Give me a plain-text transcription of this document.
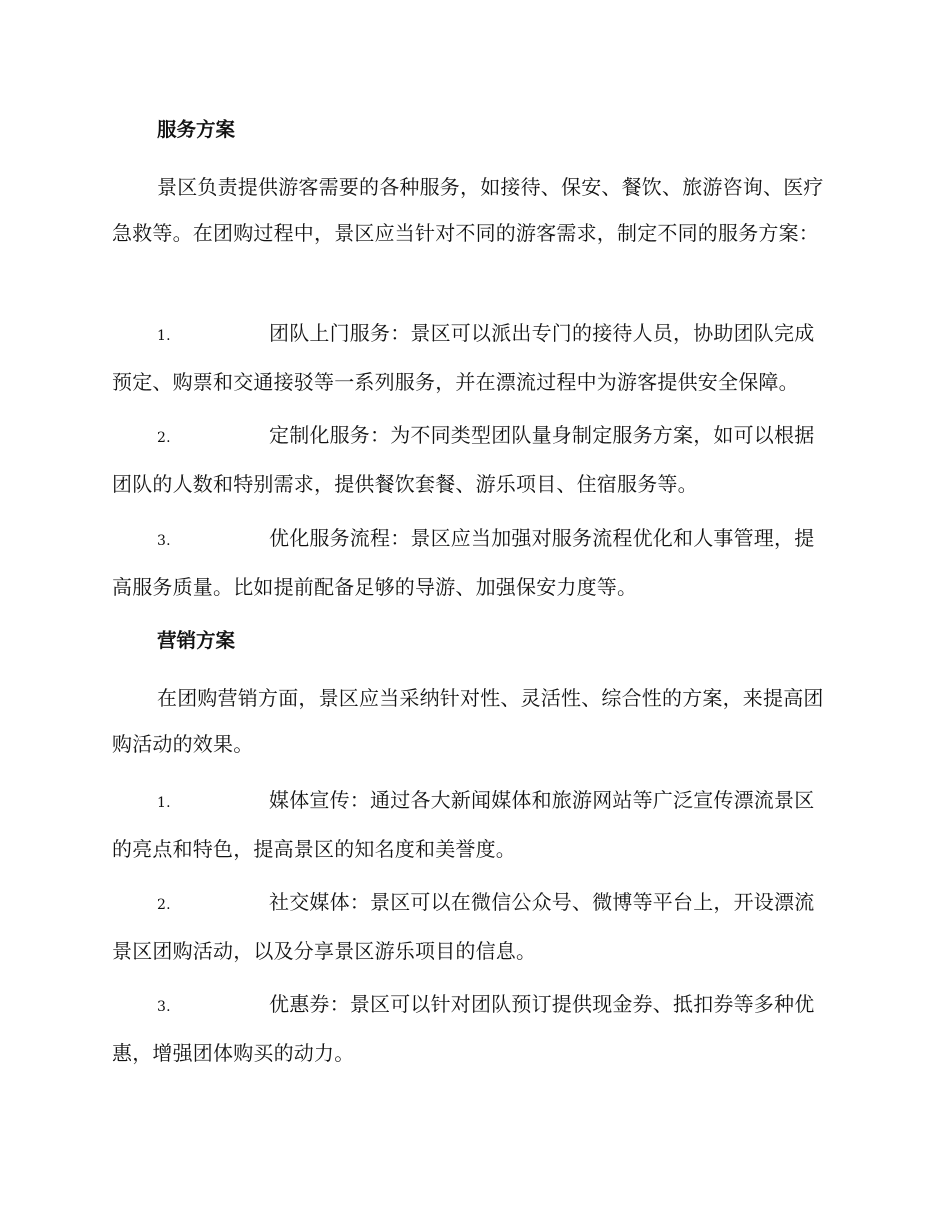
服务方案

景区负责提供游客需要的各种服务，如接待、保安、餐饮、旅游咨询、医疗急救等。在团购过程中，景区应当针对不同的游客需求，制定不同的服务方案：

1.	团队上门服务：景区可以派出专门的接待人员，协助团队完成预定、购票和交通接驳等一系列服务，并在漂流过程中为游客提供安全保障。

2.	定制化服务：为不同类型团队量身制定服务方案，如可以根据团队的人数和特别需求，提供餐饮套餐、游乐项目、住宿服务等。

3.	优化服务流程：景区应当加强对服务流程优化和人事管理，提高服务质量。比如提前配备足够的导游、加强保安力度等。

营销方案

在团购营销方面，景区应当采纳针对性、灵活性、综合性的方案，来提高团购活动的效果。

1.	媒体宣传：通过各大新闻媒体和旅游网站等广泛宣传漂流景区的亮点和特色，提高景区的知名度和美誉度。

2.	社交媒体：景区可以在微信公众号、微博等平台上，开设漂流景区团购活动，以及分享景区游乐项目的信息。

3.	优惠券：景区可以针对团队预订提供现金券、抵扣券等多种优惠，增强团体购买的动力。
